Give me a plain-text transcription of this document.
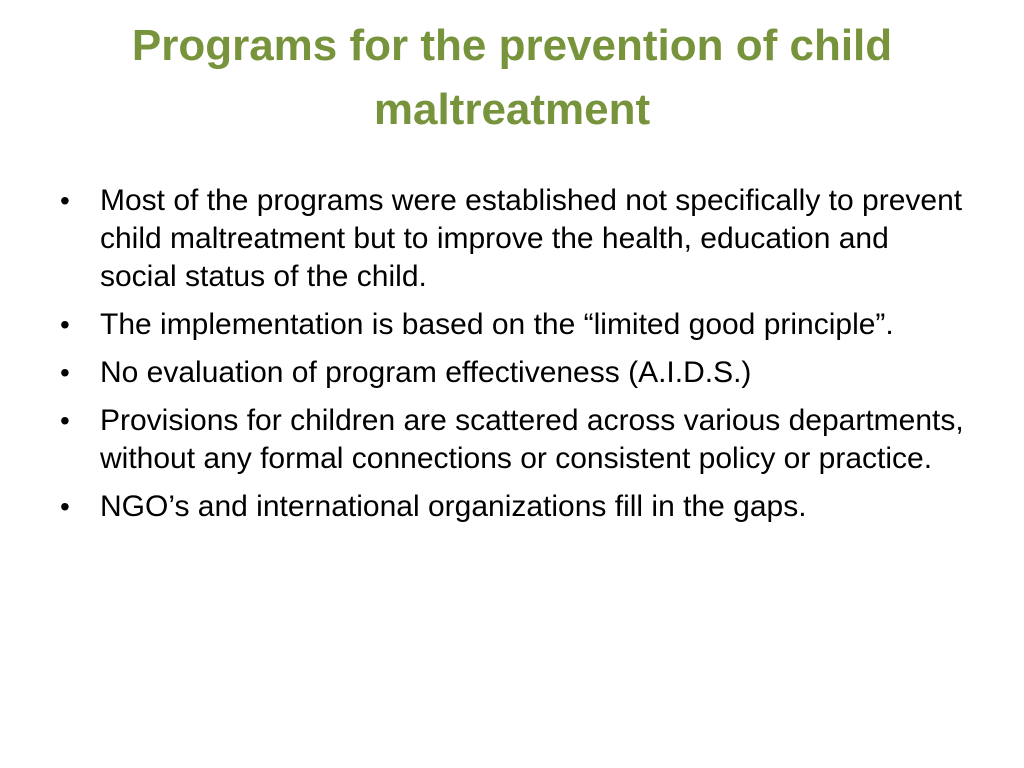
Programs for the prevention of child maltreatment
• Most of the programs were established not specifically to prevent child maltreatment but to improve the health, education and social status of the child.
• The implementation is based on the “limited good principle”.
• No evaluation of program effectiveness (A.I.D.S.)
• Provisions for children are scattered across various departments, without any formal connections or consistent policy or practice.
• NGO’s and international organizations fill in the gaps.
